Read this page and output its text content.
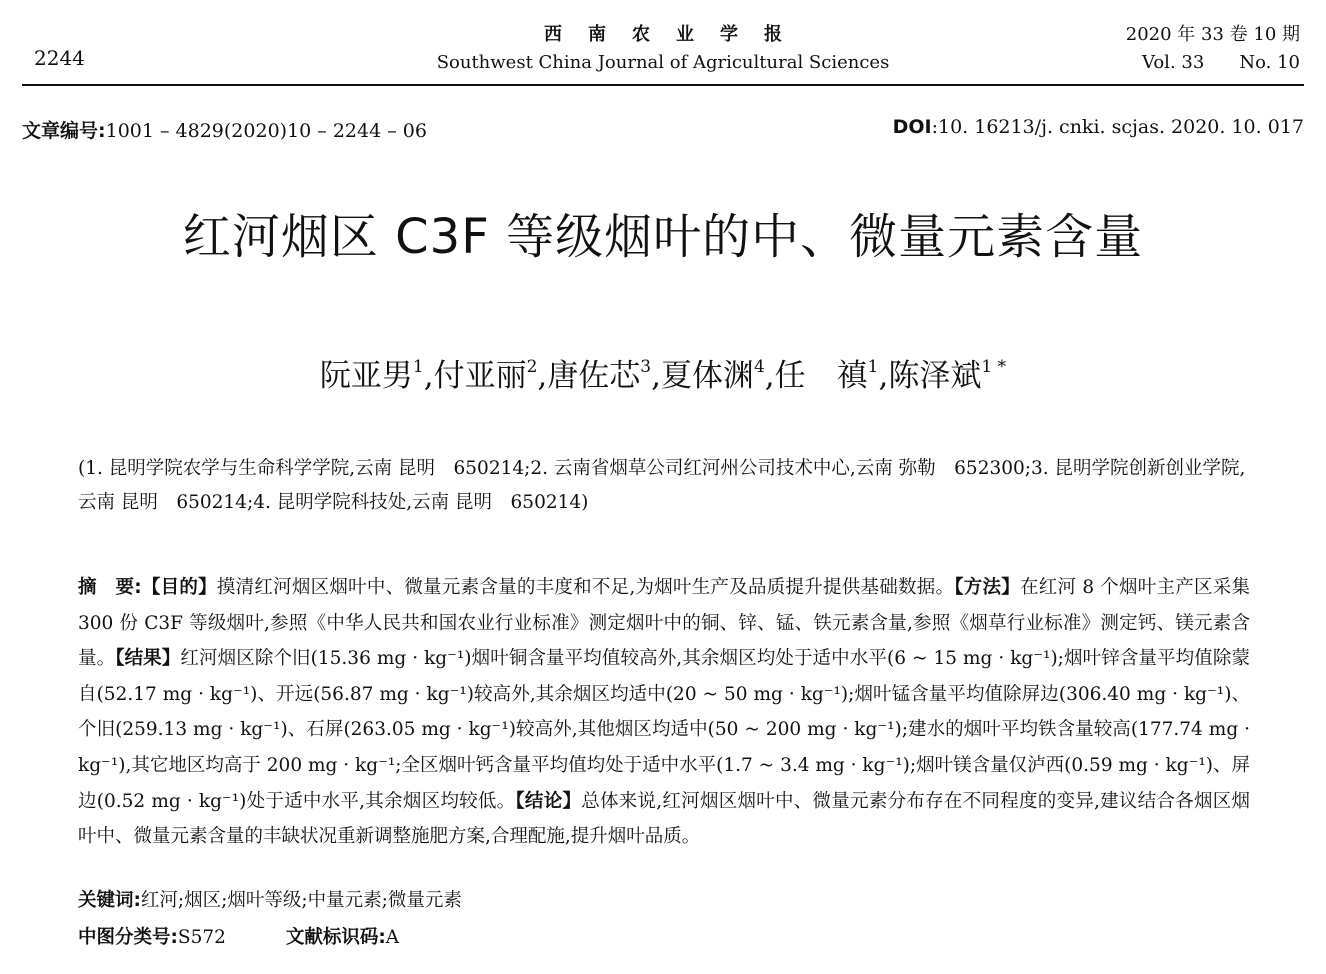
2244
西南农业学报
Southwest China Journal of Agricultural Sciences
2020 年 33 卷 10 期
Vol. 33 No. 10
文章编号:1001 – 4829(2020)10 – 2244 – 06	DOI:10. 16213/j. cnki. scjas. 2020. 10. 017
红河烟区 C3F 等级烟叶的中、微量元素含量
阮亚男$^1$,付亚丽$^2$,唐佐芯$^3$,夏体渊$^4$,任　禛$^1$,陈泽斌$^{1 *}$
(1. 昆明学院农学与生命科学学院,云南 昆明　650214;2. 云南省烟草公司红河州公司技术中心,云南 弥勒　652300;3. 昆明学院创新创业学院,云南 昆明　650214;4. 昆明学院科技处,云南 昆明　650214)
摘　要:【目的】摸清红河烟区烟叶中、微量元素含量的丰度和不足,为烟叶生产及品质提升提供基础数据。【方法】在红河 8 个烟叶主产区采集300 份 C3F 等级烟叶,参照《中华人民共和国农业行业标准》测定烟叶中的铜、锌、锰、铁元素含量,参照《烟草行业标准》测定钙、镁元素含量。【结果】红河烟区除个旧(15.36 mg · kg⁻¹)烟叶铜含量平均值较高外,其余烟区均处于适中水平(6 ~ 15 mg · kg⁻¹);烟叶锌含量平均值除蒙自(52.17 mg · kg⁻¹)、开远(56.87 mg · kg⁻¹)较高外,其余烟区均适中(20 ~ 50 mg · kg⁻¹);烟叶锰含量平均值除屏边(306.40 mg · kg⁻¹)、个旧(259.13 mg · kg⁻¹)、石屏(263.05 mg · kg⁻¹)较高外,其他烟区均适中(50 ~ 200 mg · kg⁻¹);建水的烟叶平均铁含量较高(177.74 mg · kg⁻¹),其它地区均高于 200 mg · kg⁻¹;全区烟叶钙含量平均值均处于适中水平(1.7 ~ 3.4 mg · kg⁻¹);烟叶镁含量仅泸西(0.59 mg · kg⁻¹)、屏边(0.52 mg · kg⁻¹)处于适中水平,其余烟区均较低。【结论】总体来说,红河烟区烟叶中、微量元素分布存在不同程度的变异,建议结合各烟区烟叶中、微量元素含量的丰缺状况重新调整施肥方案,合理配施,提升烟叶品质。
关键词:红河;烟区;烟叶等级;中量元素;微量元素
中图分类号:S572	文献标识码:A
